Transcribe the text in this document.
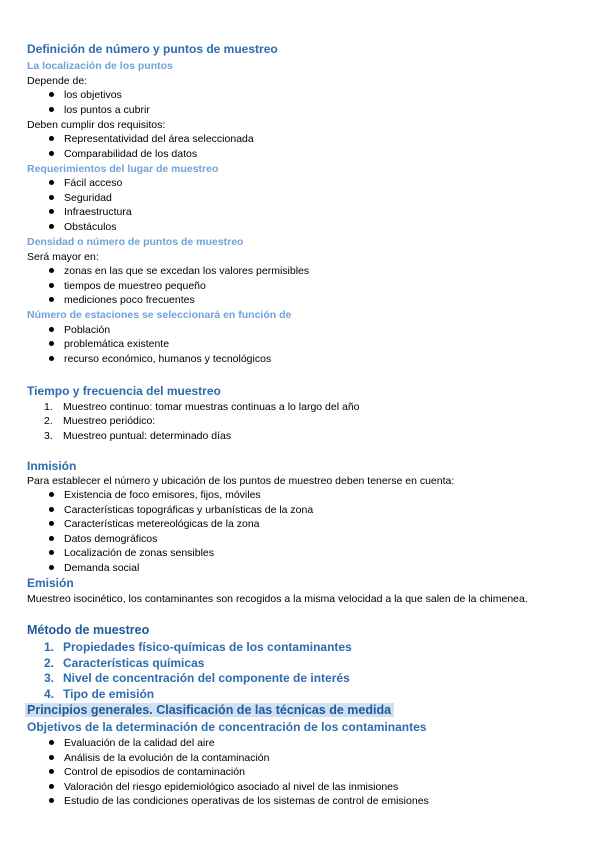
Definición de número y puntos de muestreo
La localización de los puntos
Depende de:
los objetivos
los puntos a cubrir
Deben cumplir dos requisitos:
Representatividad del área seleccionada
Comparabilidad de los datos
Requerimientos del lugar de muestreo
Fácil acceso
Seguridad
Infraestructura
Obstáculos
Densidad o número de puntos de muestreo
Será mayor en:
zonas en las que se excedan los valores permisibles
tiempos de muestreo pequeño
mediciones poco frecuentes
Número de estaciones se seleccionará en función de
Población
problemática existente
recurso económico, humanos y tecnológicos
Tiempo y frecuencia del muestreo
1. Muestreo continuo: tomar muestras continuas a lo largo del año
2. Muestreo periódico:
3. Muestreo puntual: determinado días
Inmisión
Para establecer el número y ubicación de los puntos de muestreo deben tenerse en cuenta:
Existencia de foco emisores, fijos, móviles
Características topográficas y urbanísticas de la zona
Características metereológicas de la zona
Datos demográficos
Localización de zonas sensibles
Demanda social
Emisión
Muestreo isocinético, los contaminantes son recogidos a la misma velocidad a la que salen de la chimenea.
Método de muestreo
1. Propiedades físico-químicas de los contaminantes
2. Características químicas
3. Nivel de concentración del componente de interés
4. Tipo de emisión
Principios generales. Clasificación de las técnicas de medida
Objetivos de la determinación de concentración de los contaminantes
Evaluación de la calidad del aire
Análisis de la evolución de la contaminación
Control de episodios de contaminación
Valoración del riesgo epidemiológico asociado al nivel de las inmisiones
Estudio de las condiciones operativas de los sistemas de control de emisiones
